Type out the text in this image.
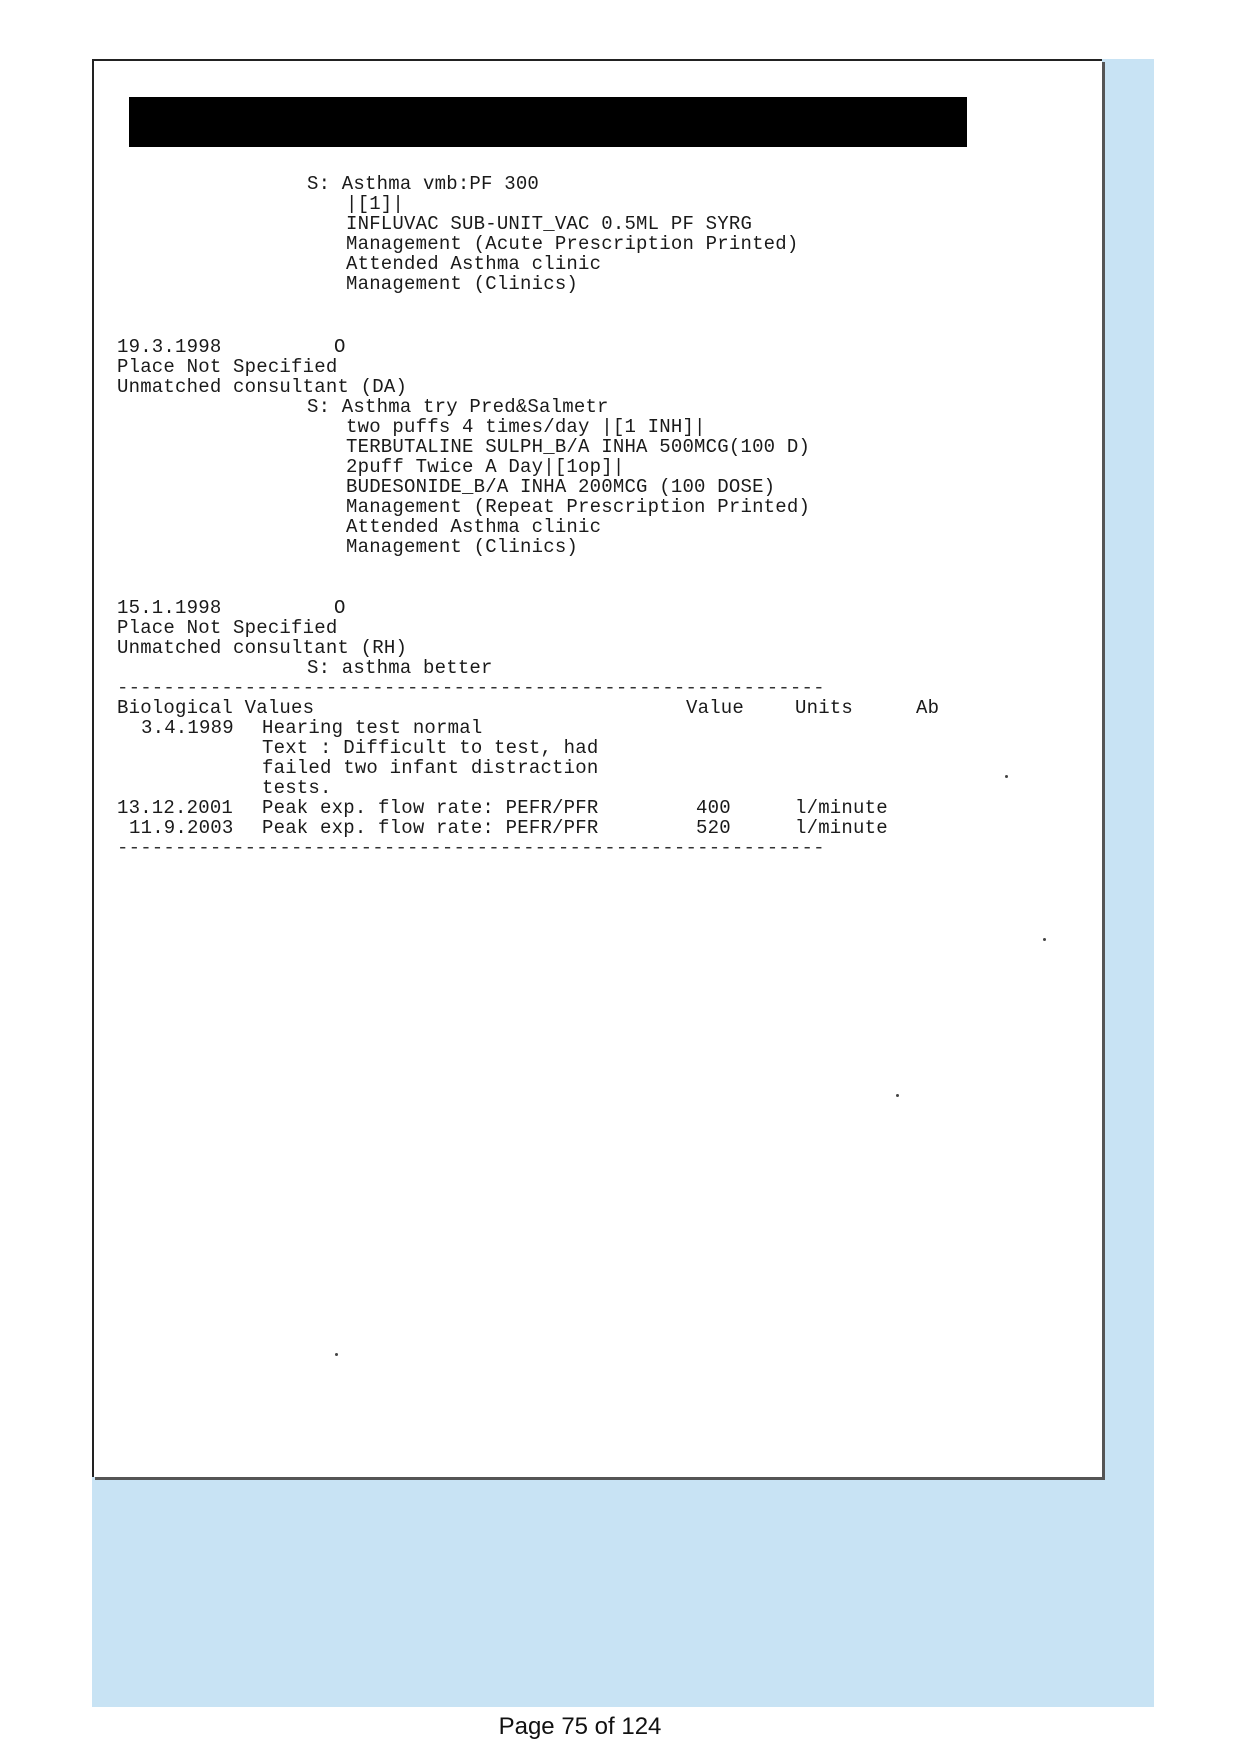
S: Asthma vmb:PF 300
|[1]|
INFLUVAC SUB-UNIT_VAC 0.5ML PF SYRG
Management (Acute Prescription Printed)
Attended Asthma clinic
Management (Clinics)
19.3.1998	O
Place Not Specified
Unmatched consultant (DA)
S: Asthma try Pred&Salmetr
two puffs 4 times/day |[1 INH]|
TERBUTALINE SULPH_B/A INHA 500MCG(100 D)
2puff Twice A Day|[1op]|
BUDESONIDE_B/A INHA 200MCG (100 DOSE)
Management (Repeat Prescription Printed)
Attended Asthma clinic
Management (Clinics)
15.1.1998	O
Place Not Specified
Unmatched consultant (RH)
S: asthma better
-------------------------------------------------------------
Biological Values	Value	Units	Ab
3.4.1989 Hearing test normal
Text : Difficult to test, had
failed two infant distraction
tests.
13.12.2001 Peak exp. flow rate: PEFR/PFR	400	l/minute
11.9.2003 Peak exp. flow rate: PEFR/PFR	520	l/minute
-------------------------------------------------------------
Page 75 of 124
